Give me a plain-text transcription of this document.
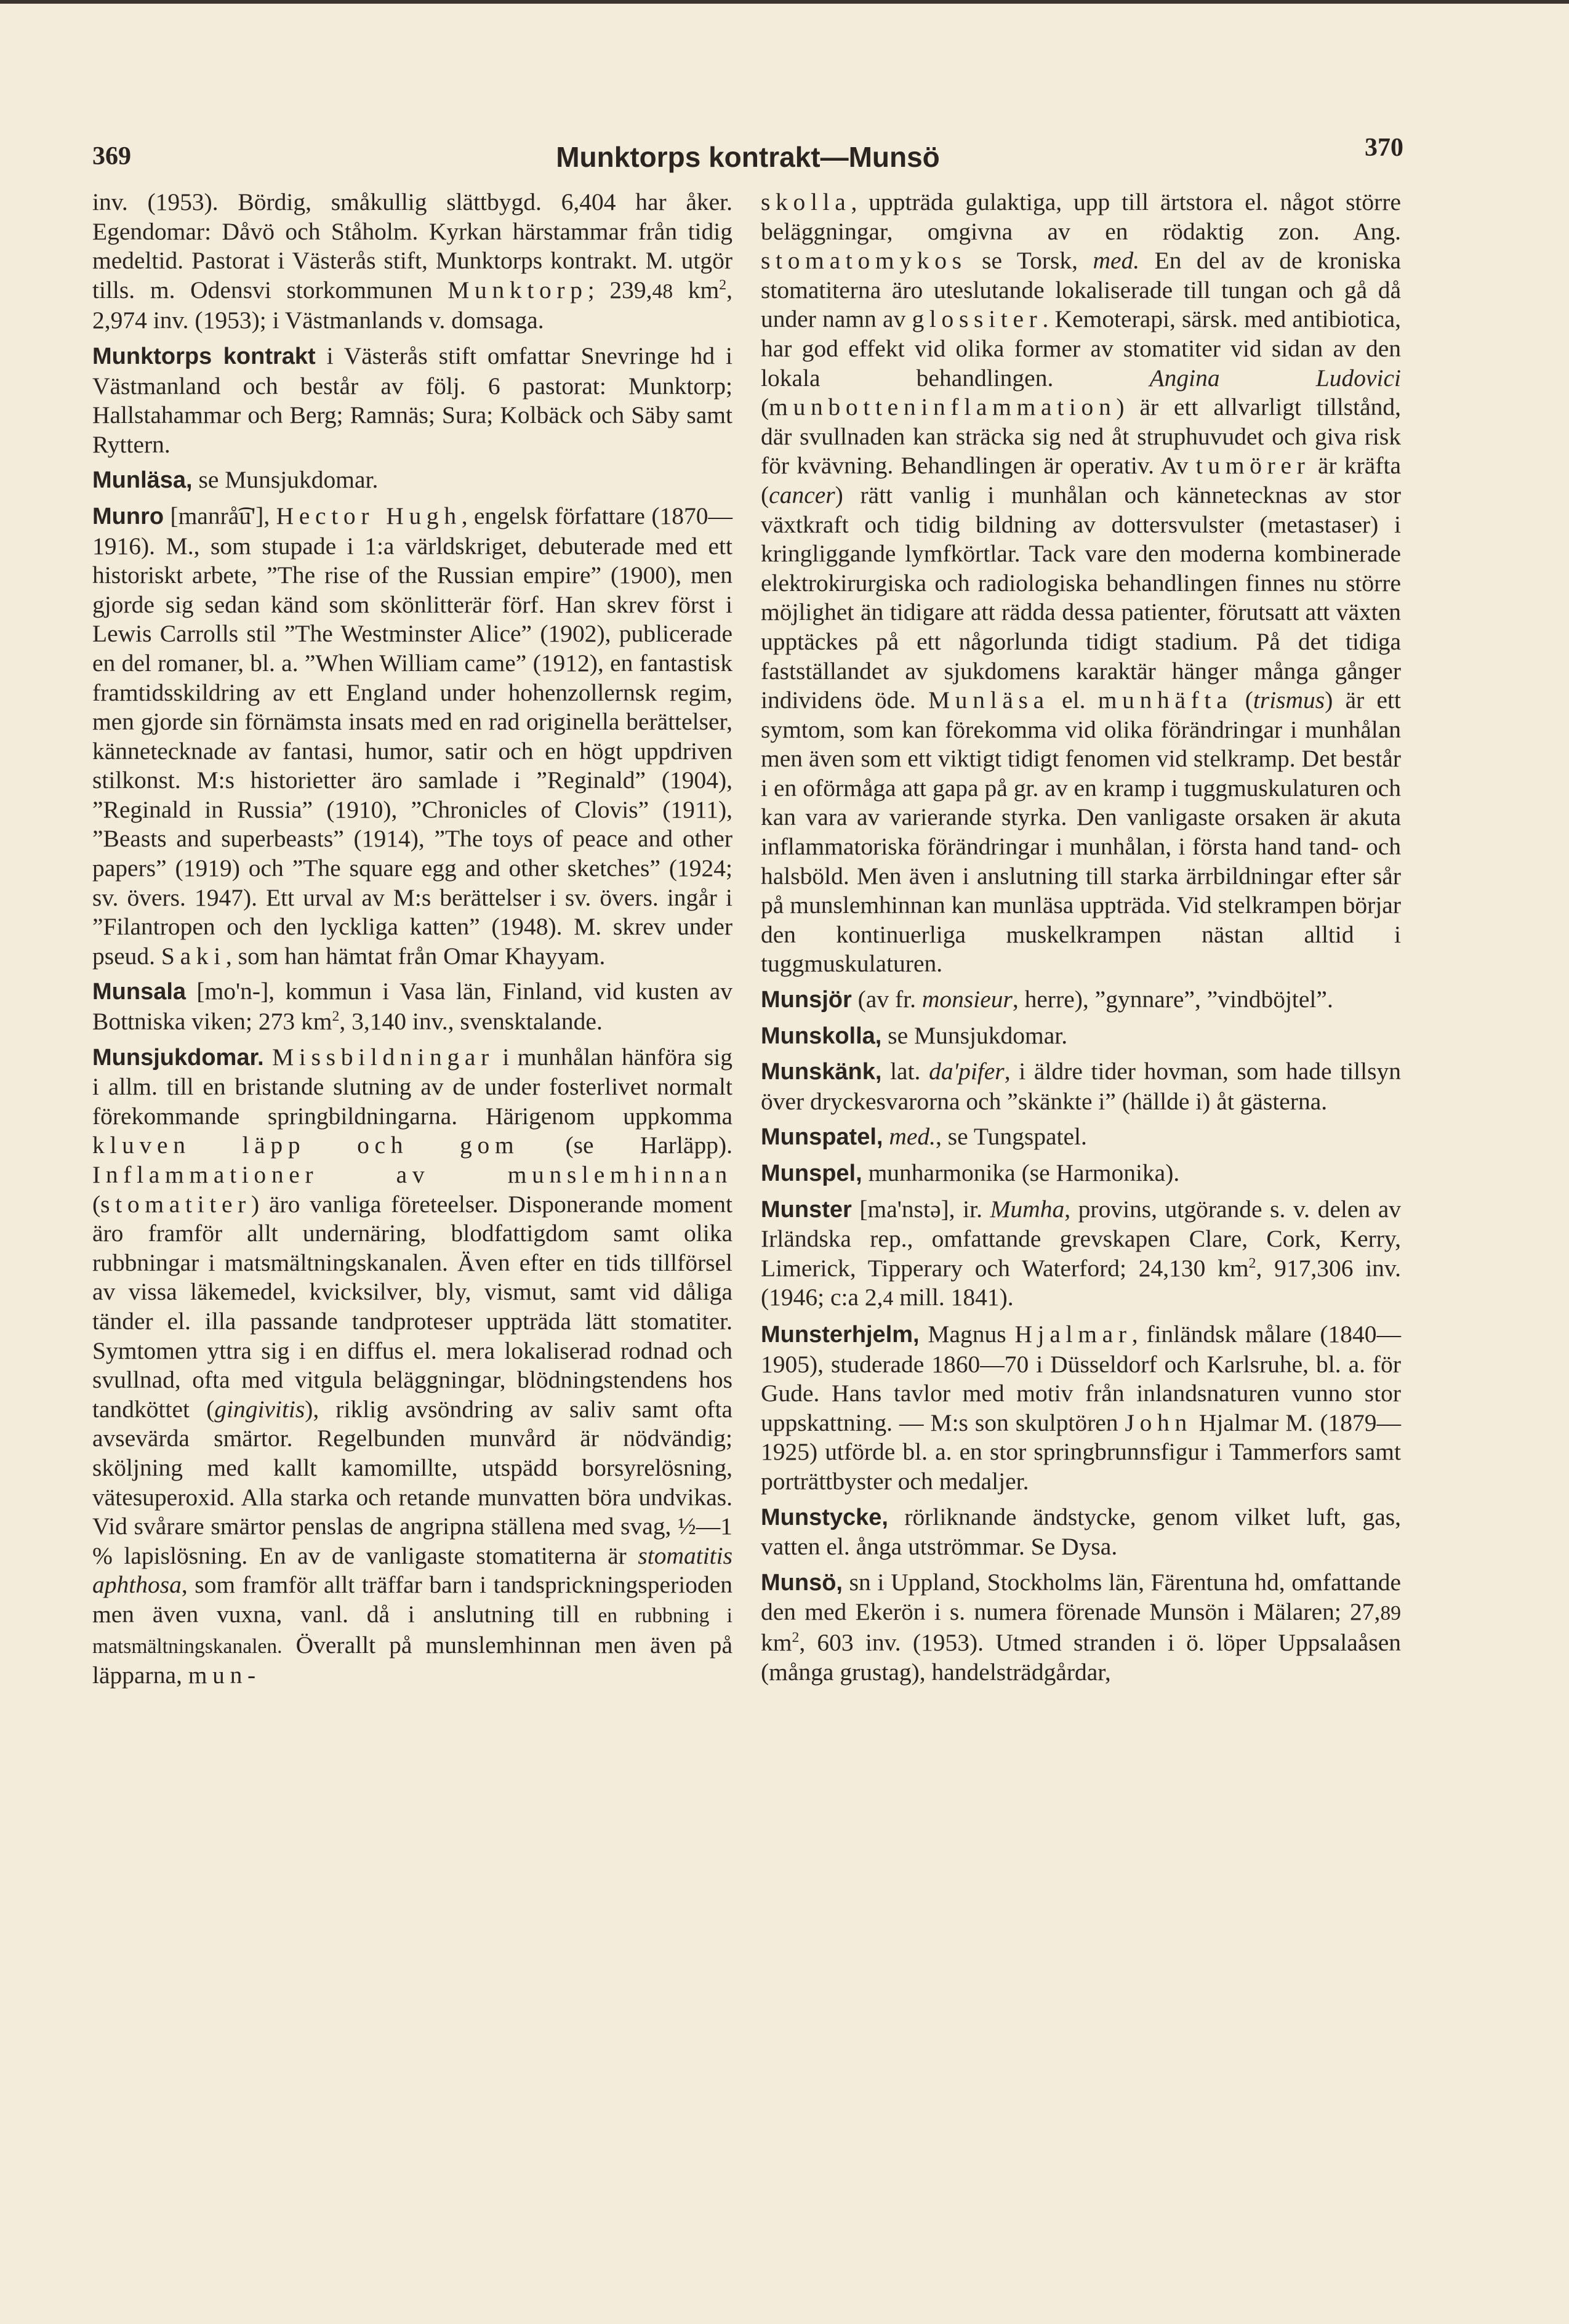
369	Munktorps kontrakt—Munsö	370

inv. (1953). Bördig, småkullig slättbygd. 6,404 har åker. Egendomar: Dåvö och Ståholm. Kyrkan härstammar från tidig medeltid. Pastorat i Västerås stift, Munktorps kontrakt. M. utgör tills. m. Odensvi storkommunen Munktorp; 239,48 $km^2$, 2,974 inv. (1953); i Västmanlands v. domsaga.

Munktorps kontrakt i Västerås stift omfattar Snevringe hd i Västmanland och består av följ. 6 pastorat: Munktorp; Hallstahammar och Berg; Ramnäs; Sura; Kolbäck och Säby samt Ryttern.

Munläsa, se Munsjukdomar.

Munro [manrå͡u'], Hector Hugh, engelsk författare (1870—1916). M., som stupade i 1:a världskriget, debuterade med ett historiskt arbete, ”The rise of the Russian empire” (1900), men gjorde sig sedan känd som skönlitterär förf. Han skrev först i Lewis Carrolls stil ”The Westminster Alice” (1902), publicerade en del romaner, bl. a. ”When William came” (1912), en fantastisk framtidsskildring av ett England under hohenzollernsk regim, men gjorde sin förnämsta insats med en rad originella berättelser, kännetecknade av fantasi, humor, satir och en högt uppdriven stilkonst. M:s historietter äro samlade i ”Reginald” (1904), ”Reginald in Russia” (1910), ”Chronicles of Clovis” (1911), ”Beasts and superbeasts” (1914), ”The toys of peace and other papers” (1919) och ”The square egg and other sketches” (1924; sv. övers. 1947). Ett urval av M:s berättelser i sv. övers. ingår i ”Filantropen och den lyckliga katten” (1948). M. skrev under pseud. Saki, som han hämtat från Omar Khayyam.

Munsala [mo'n-], kommun i Vasa län, Finland, vid kusten av Bottniska viken; 273 $km^2$, 3,140 inv., svensktalande.

Munsjukdomar. Missbildningar i munhålan hänföra sig i allm. till en bristande slutning av de under fosterlivet normalt förekommande springbildningarna. Härigenom uppkomma kluven läpp och gom (se Harläpp). Inflammationer av munslemhinnan (stomatiter) äro vanliga företeelser. Disponerande moment äro framför allt undernäring, blodfattigdom samt olika rubbningar i matsmältningskanalen. Även efter en tids tillförsel av vissa läkemedel, kvicksilver, bly, vismut, samt vid dåliga tänder el. illa passande tandproteser uppträda lätt stomatiter. Symtomen yttra sig i en diffus el. mera lokaliserad rodnad och svullnad, ofta med vitgula beläggningar, blödningstendens hos tandköttet (gingivitis), riklig avsöndring av saliv samt ofta avsevärda smärtor. Regelbunden munvård är nödvändig; sköljning med kallt kamomillte, utspädd borsyrelösning, vätesuperoxid. Alla starka och retande munvatten böra undvikas. Vid svårare smärtor penslas de angripna ställena med svag, ½—1 % lapislösning. En av de vanligaste stomatiterna är stomatitis aphthosa, som framför allt träffar barn i tandsprickningsperioden men även vuxna, vanl. då i anslutning till en rubbning i matsmältningskanalen. Överallt på munslemhinnan men även på läpparna, mun-

skolla, uppträda gulaktiga, upp till ärtstora el. något större beläggningar, omgivna av en rödaktig zon. Ang. stomatomykos se Torsk, med. En del av de kroniska stomatiterna äro uteslutande lokaliserade till tungan och gå då under namn av glossiter. Kemoterapi, särsk. med antibiotica, har god effekt vid olika former av stomatiter vid sidan av den lokala behandlingen. Angina Ludovici (munbotteninflammation) är ett allvarligt tillstånd, där svullnaden kan sträcka sig ned åt struphuvudet och giva risk för kvävning. Behandlingen är operativ. Av tumörer är kräfta (cancer) rätt vanlig i munhålan och kännetecknas av stor växtkraft och tidig bildning av dottersvulster (metastaser) i kringliggande lymfkörtlar. Tack vare den moderna kombinerade elektrokirurgiska och radiologiska behandlingen finnes nu större möjlighet än tidigare att rädda dessa patienter, förutsatt att växten upptäckes på ett någorlunda tidigt stadium. På det tidiga fastställandet av sjukdomens karaktär hänger många gånger individens öde. Munläsa el. munhäfta (trismus) är ett symtom, som kan förekomma vid olika förändringar i munhålan men även som ett viktigt tidigt fenomen vid stelkramp. Det består i en oförmåga att gapa på gr. av en kramp i tuggmuskulaturen och kan vara av varierande styrka. Den vanligaste orsaken är akuta inflammatoriska förändringar i munhålan, i första hand tand- och halsböld. Men även i anslutning till starka ärrbildningar efter sår på munslemhinnan kan munläsa uppträda. Vid stelkrampen börjar den kontinuerliga muskelkrampen nästan alltid i tuggmuskulaturen.

Munsjör (av fr. monsieur, herre), ”gynnare”, ”vindböjtel”.

Munskolla, se Munsjukdomar.

Munskänk, lat. da'pifer, i äldre tider hovman, som hade tillsyn över dryckesvarorna och ”skänkte i” (hällde i) åt gästerna.

Munspatel, med., se Tungspatel.

Munspel, munharmonika (se Harmonika).

Munster [ma'nstə], ir. Mumha, provins, utgörande s. v. delen av Irländska rep., omfattande grevskapen Clare, Cork, Kerry, Limerick, Tipperary och Waterford; 24,130 $km^2$, 917,306 inv. (1946; c:a 2,4 mill. 1841).

Munsterhjelm, Magnus Hjalmar, finländsk målare (1840—1905), studerade 1860—70 i Düsseldorf och Karlsruhe, bl. a. för Gude. Hans tavlor med motiv från inlandsnaturen vunno stor uppskattning. — M:s son skulptören John Hjalmar M. (1879—1925) utförde bl. a. en stor springbrunnsfigur i Tammerfors samt porträttbyster och medaljer.

Munstycke, rörliknande ändstycke, genom vilket luft, gas, vatten el. ånga utströmmar. Se Dysa.

Munsö, sn i Uppland, Stockholms län, Färentuna hd, omfattande den med Ekerön i s. numera förenade Munsön i Mälaren; 27,89 $km^2$, 603 inv. (1953). Utmed stranden i ö. löper Uppsalaåsen (många grustag), handelsträdgårdar,
